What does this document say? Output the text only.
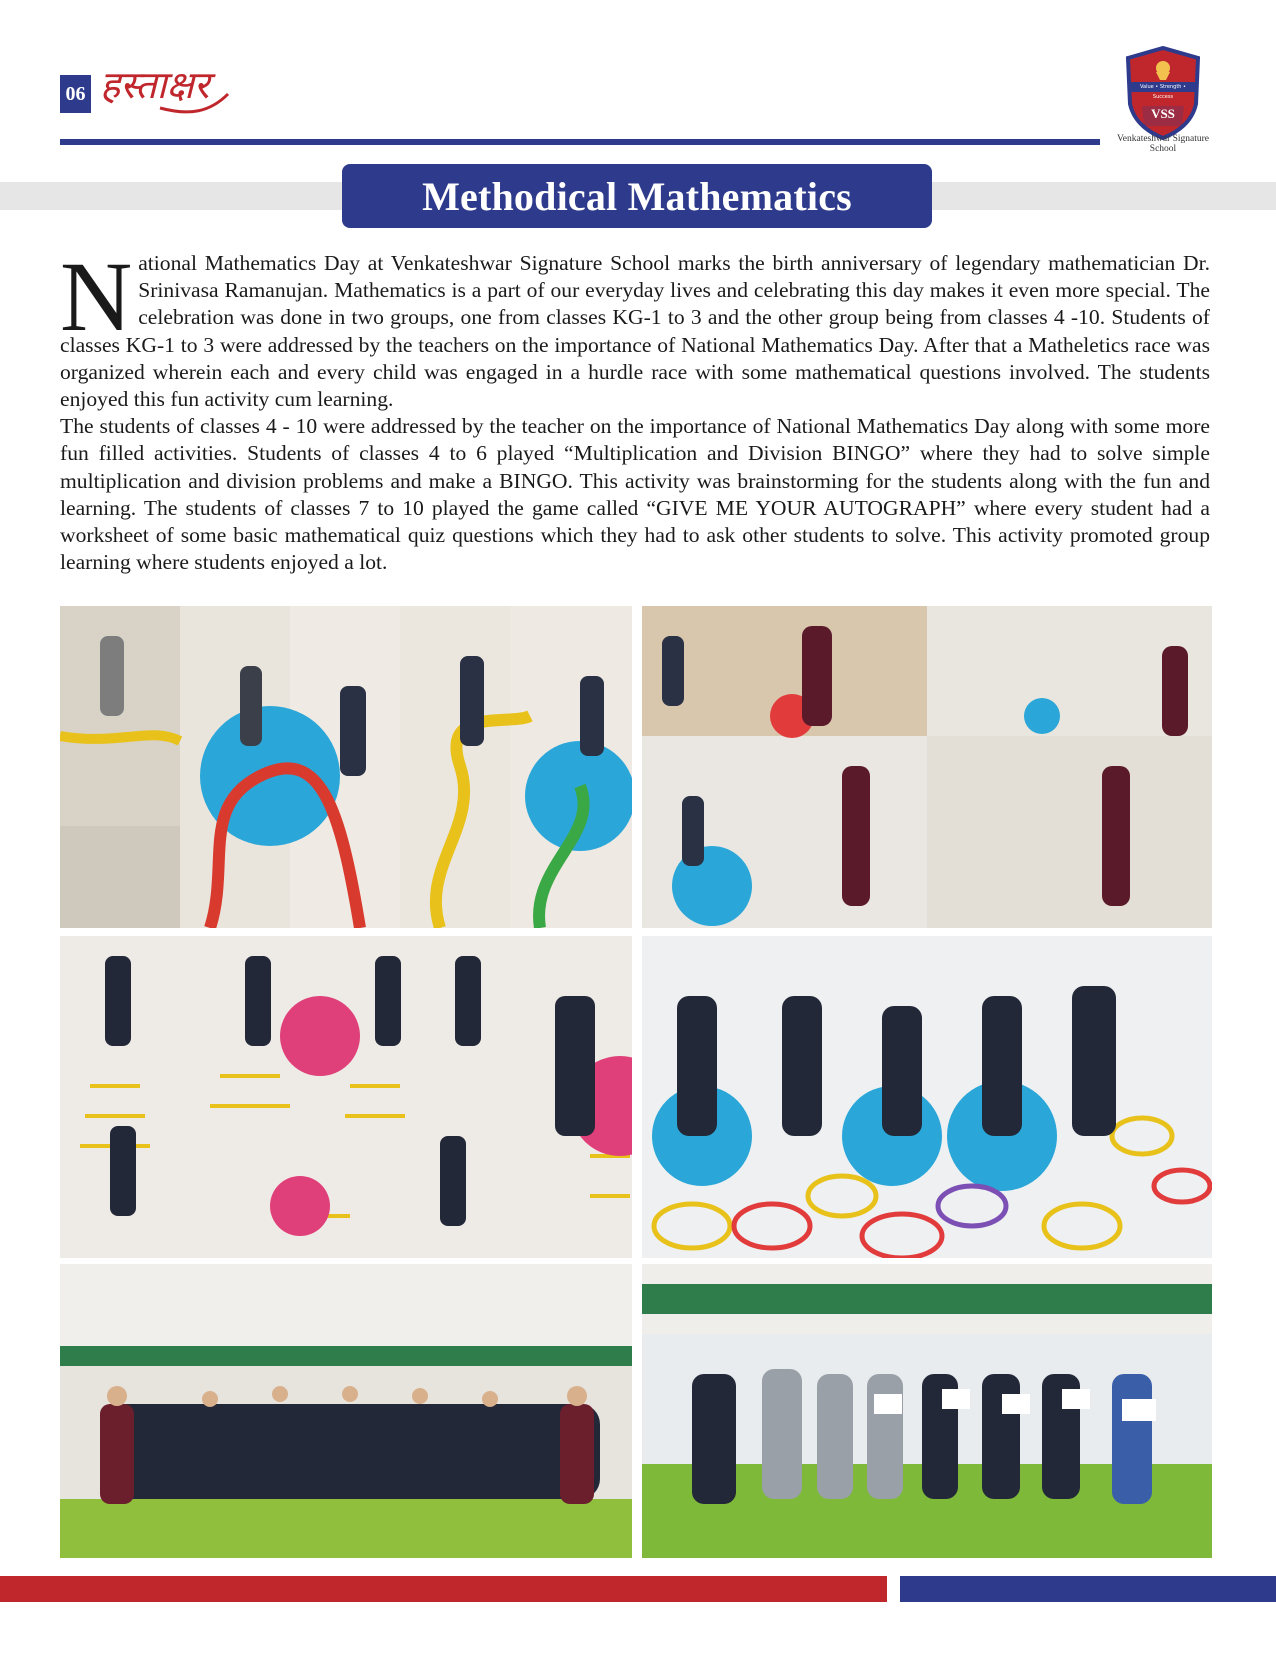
06 हस्ताक्षर	Value • Strength • Success
VSS
Venkateshwar Signature School
Methodical Mathematics
N ational Mathematics Day at Venkateshwar Signature School marks the birth anniversary of legendary mathematician Dr. Srinivasa Ramanujan. Mathematics is a part of our everyday lives and celebrating this day makes it even more special. The celebration was done in two groups, one from classes KG-1 to 3 and the other group being from classes 4 -10. Students of classes KG-1 to 3 were addressed by the teachers on the importance of National Mathematics Day. After that a Matheletics race was organized wherein each and every child was engaged in a hurdle race with some mathematical questions involved. The students enjoyed this fun activity cum learning.

The students of classes 4 - 10 were addressed by the teacher on the importance of National Mathematics Day along with some more fun filled activities. Students of classes 4 to 6 played “Multiplication and Division BINGO” where they had to solve simple multiplication and division problems and make a BINGO. This activity was brainstorming for the students along with the fun and learning. The students of classes 7 to 10 played the game called “GIVE ME YOUR AUTOGRAPH” where every student had a worksheet of some basic mathematical quiz questions which they had to ask other students to solve. This activity promoted group learning where students enjoyed a lot.
